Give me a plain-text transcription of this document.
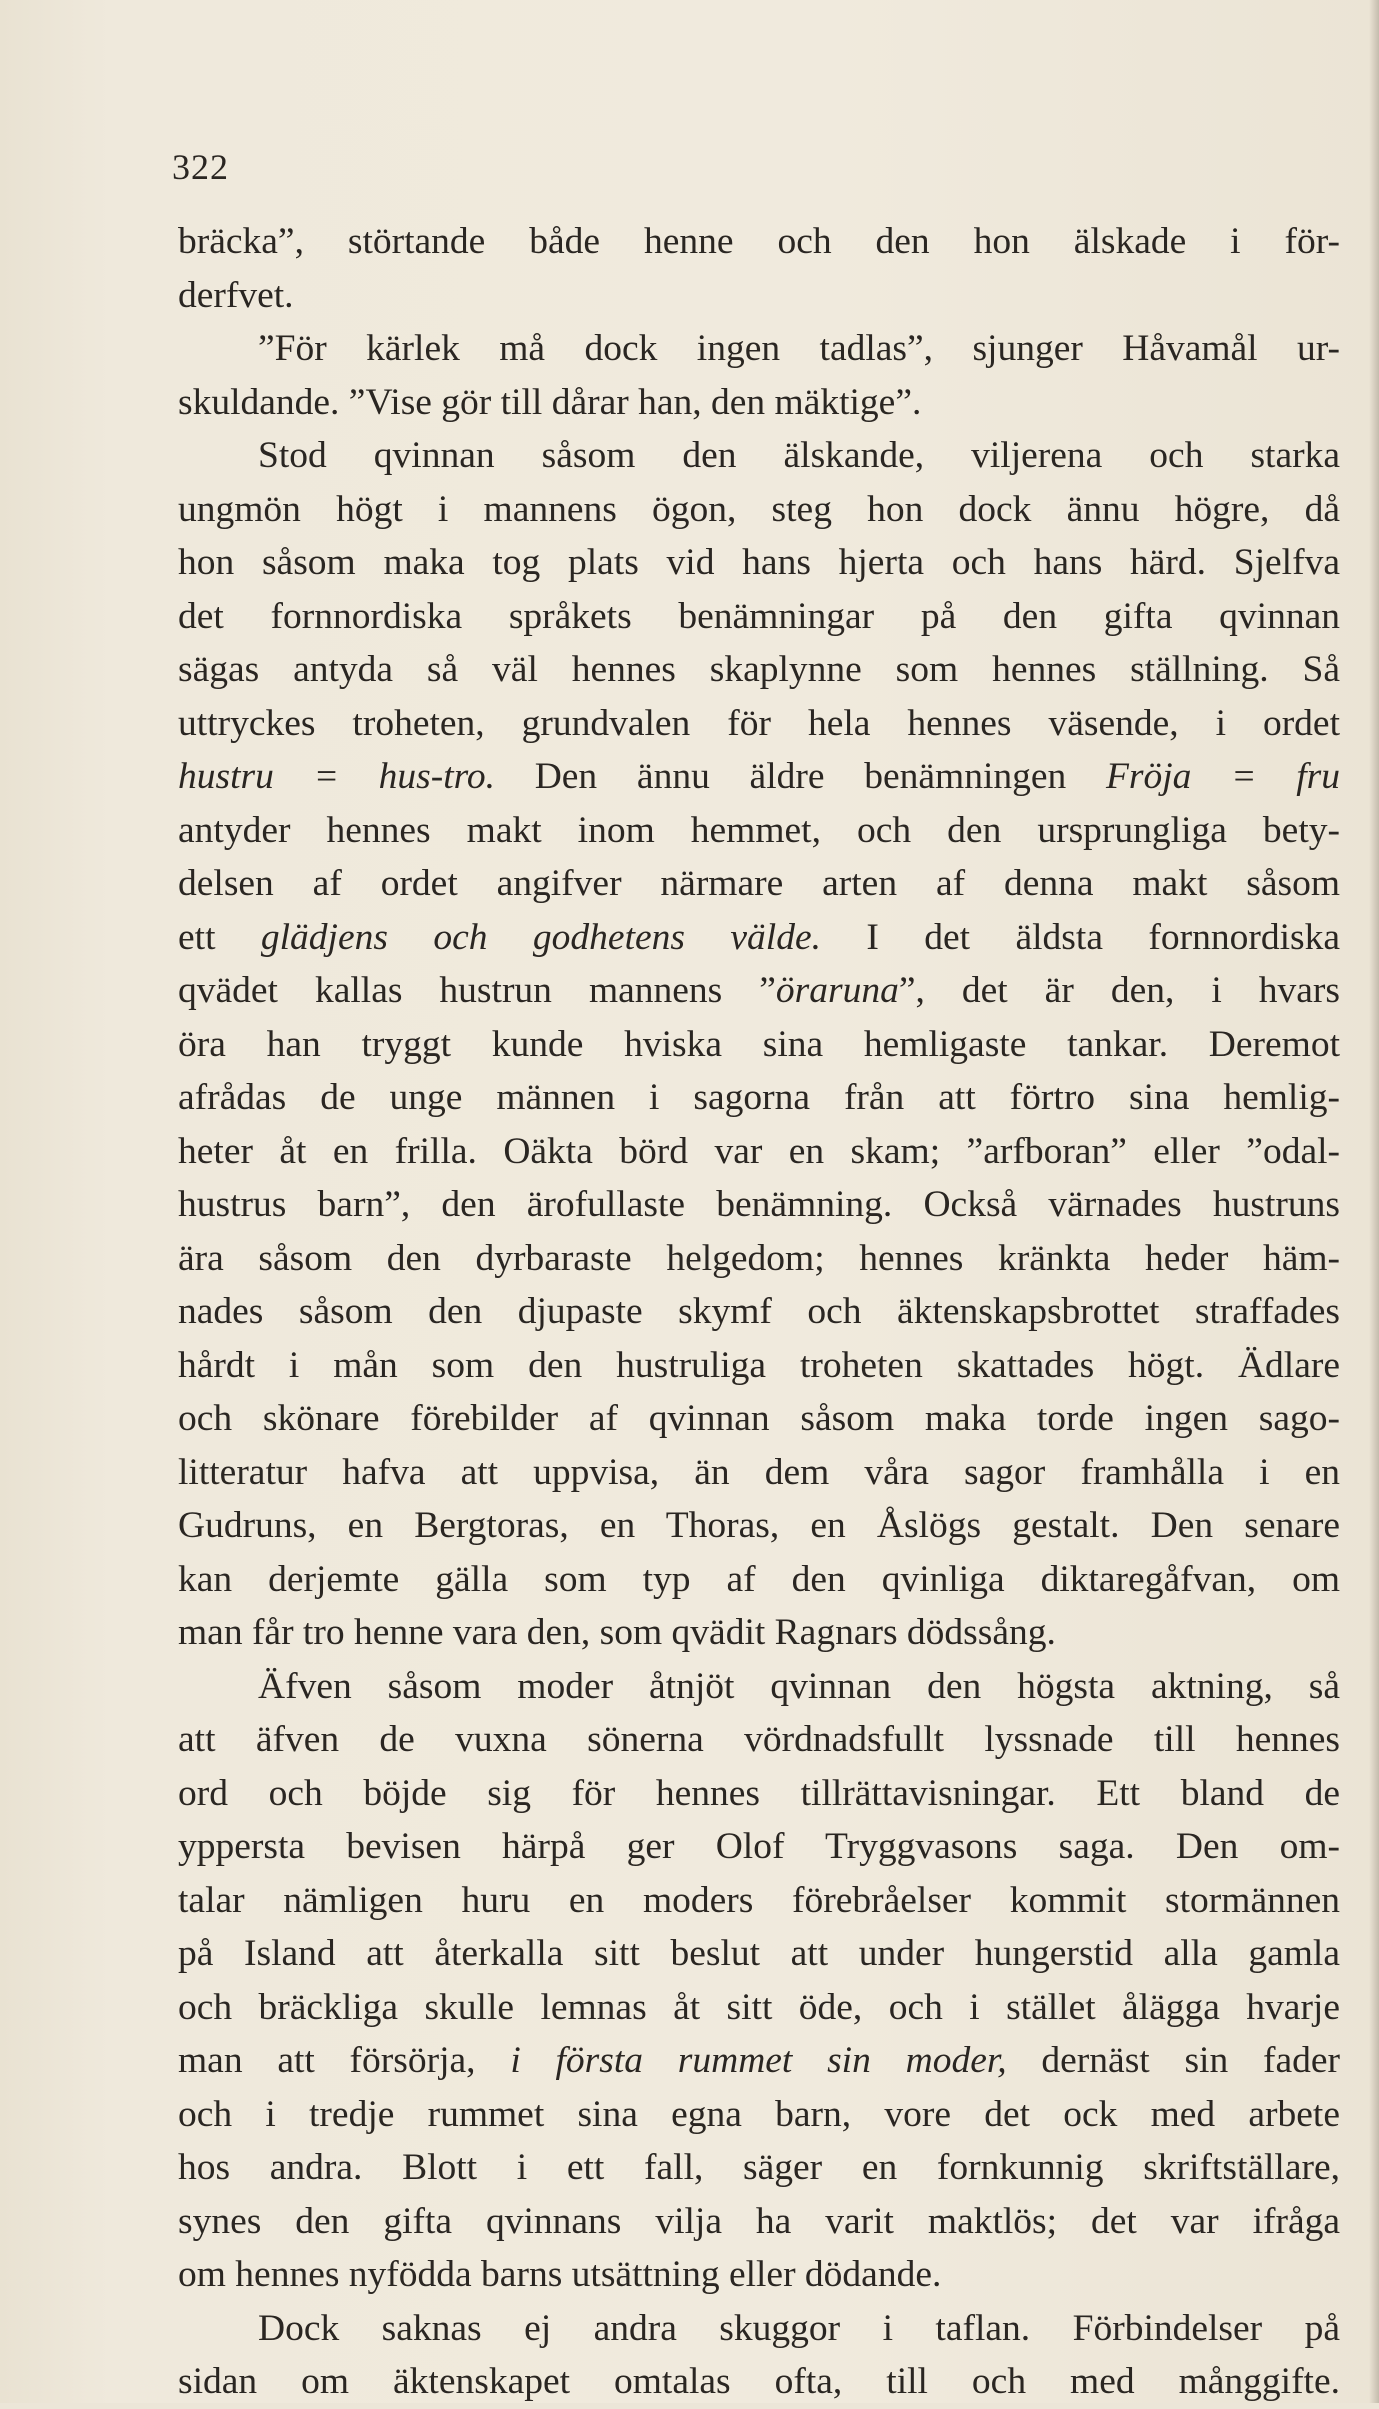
322

bräcka”, störtande både henne och den hon älskade i för-
derfvet.
”För kärlek må dock ingen tadlas”, sjunger Håvamål ur-
skuldande. ”Vise gör till dårar han, den mäktige”.
Stod qvinnan såsom den älskande, viljerena och starka
ungmön högt i mannens ögon, steg hon dock ännu högre, då
hon såsom maka tog plats vid hans hjerta och hans härd. Sjelfva
det fornnordiska språkets benämningar på den gifta qvinnan
sägas antyda så väl hennes skaplynne som hennes ställning. Så
uttryckes troheten, grundvalen för hela hennes väsende, i ordet
hustru = hus-tro. Den ännu äldre benämningen Fröja = fru
antyder hennes makt inom hemmet, och den ursprungliga bety-
delsen af ordet angifver närmare arten af denna makt såsom
ett glädjens och godhetens välde. I det äldsta fornnordiska
qvädet kallas hustrun mannens ”öraruna”, det är den, i hvars
öra han tryggt kunde hviska sina hemligaste tankar. Deremot
afrådas de unge männen i sagorna från att förtro sina hemlig-
heter åt en frilla. Oäkta börd var en skam; ”arfboran” eller ”odal-
hustrus barn”, den ärofullaste benämning. Också värnades hustruns
ära såsom den dyrbaraste helgedom; hennes kränkta heder häm-
nades såsom den djupaste skymf och äktenskapsbrottet straffades
hårdt i mån som den hustruliga troheten skattades högt. Ädlare
och skönare förebilder af qvinnan såsom maka torde ingen sago-
litteratur hafva att uppvisa, än dem våra sagor framhålla i en
Gudruns, en Bergtoras, en Thoras, en Åslögs gestalt. Den senare
kan derjemte gälla som typ af den qvinliga diktaregåfvan, om
man får tro henne vara den, som qvädit Ragnars dödssång.
Äfven såsom moder åtnjöt qvinnan den högsta aktning, så
att äfven de vuxna sönerna vördnadsfullt lyssnade till hennes
ord och böjde sig för hennes tillrättavisningar. Ett bland de
yppersta bevisen härpå ger Olof Tryggvasons saga. Den om-
talar nämligen huru en moders förebråelser kommit stormännen
på Island att återkalla sitt beslut att under hungerstid alla gamla
och bräckliga skulle lemnas åt sitt öde, och i stället ålägga hvarje
man att försörja, i första rummet sin moder, dernäst sin fader
och i tredje rummet sina egna barn, vore det ock med arbete
hos andra. Blott i ett fall, säger en fornkunnig skriftställare,
synes den gifta qvinnans vilja ha varit maktlös; det var ifråga
om hennes nyfödda barns utsättning eller dödande.
Dock saknas ej andra skuggor i taflan. Förbindelser på
sidan om äktenskapet omtalas ofta, till och med månggifte.
